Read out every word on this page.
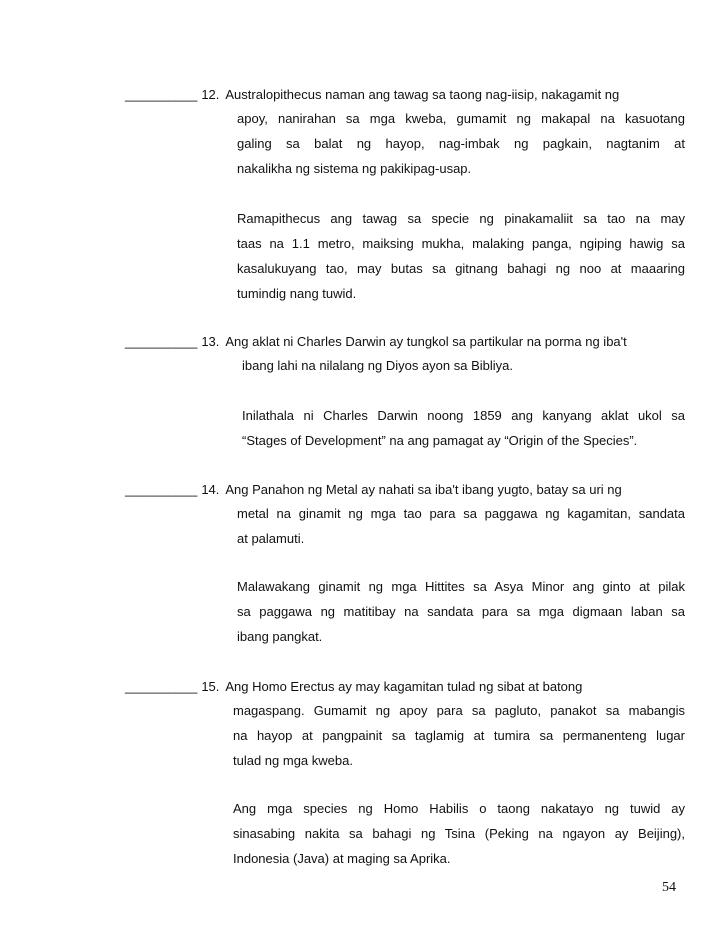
__________ 12. Australopithecus naman ang tawag sa taong nag-iisip, nakagamit ng

apoy, nanirahan sa mga kweba, gumamit ng makapal na kasuotang
galing sa balat ng hayop, nag-imbak ng pagkain, nagtanim at
nakalikha ng sistema ng pakikipag-usap.

Ramapithecus ang tawag sa specie ng pinakamaliit sa tao na may
taas na 1.1 metro, maiksing mukha, malaking panga, ngiping hawig sa
kasalukuyang tao, may butas sa gitnang bahagi ng noo at maaaring
tumindig nang tuwid.

__________ 13. Ang aklat ni Charles Darwin ay tungkol sa partikular na porma ng iba't

ibang lahi na nilalang ng Diyos ayon sa Bibliya.

Inilathala ni Charles Darwin noong 1859 ang kanyang aklat ukol sa
“Stages of Development” na ang pamagat ay “Origin of the Species”.

__________ 14. Ang Panahon ng Metal ay nahati sa iba't ibang yugto, batay sa uri ng

metal na ginamit ng mga tao para sa paggawa ng kagamitan, sandata
at palamuti.

Malawakang ginamit ng mga Hittites sa Asya Minor ang ginto at pilak
sa paggawa ng matitibay na sandata para sa mga digmaan laban sa
ibang pangkat.

__________ 15. Ang Homo Erectus ay may kagamitan tulad ng sibat at batong

magaspang. Gumamit ng apoy para sa pagluto, panakot sa mabangis
na hayop at pangpainit sa taglamig at tumira sa permanenteng lugar
tulad ng mga kweba.

Ang mga species ng Homo Habilis o taong nakatayo ng tuwid ay
sinasabing nakita sa bahagi ng Tsina (Peking na ngayon ay Beijing),
Indonesia (Java) at maging sa Aprika.

54
